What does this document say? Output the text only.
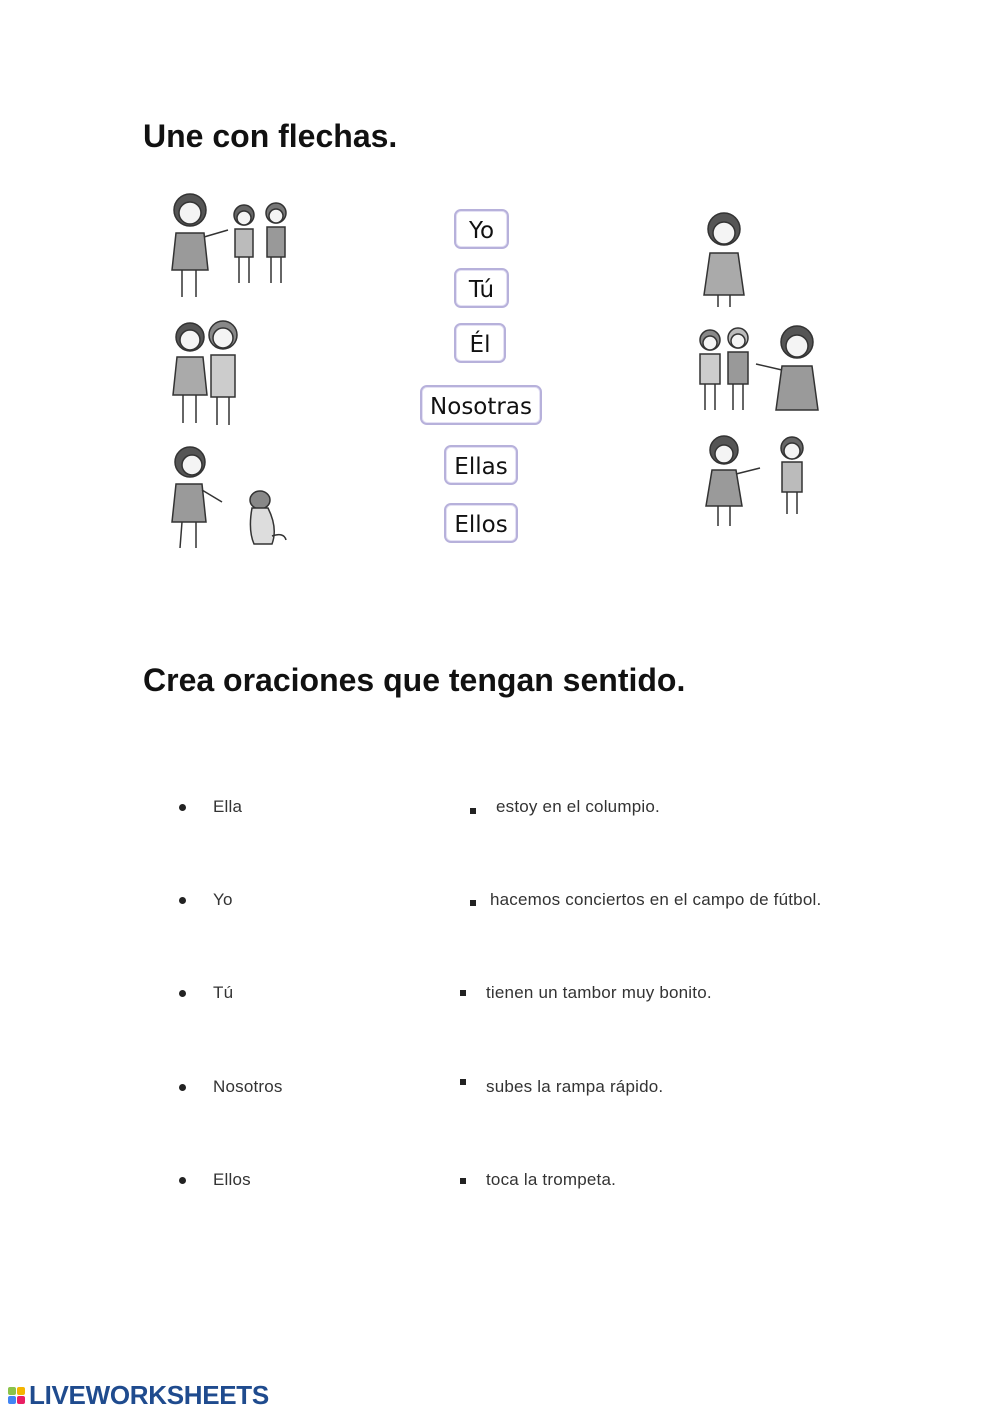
Une con flechas.
Yo
Tú
Él
Nosotras
Ellas
Ellos
Crea oraciones que tengan sentido.
Ella	estoy en el columpio.
Yo	hacemos conciertos en el campo de fútbol.
Tú	tienen un tambor muy bonito.
Nosotros	subes la rampa rápido.
Ellos	toca la trompeta.
LIVEWORKSHEETS
